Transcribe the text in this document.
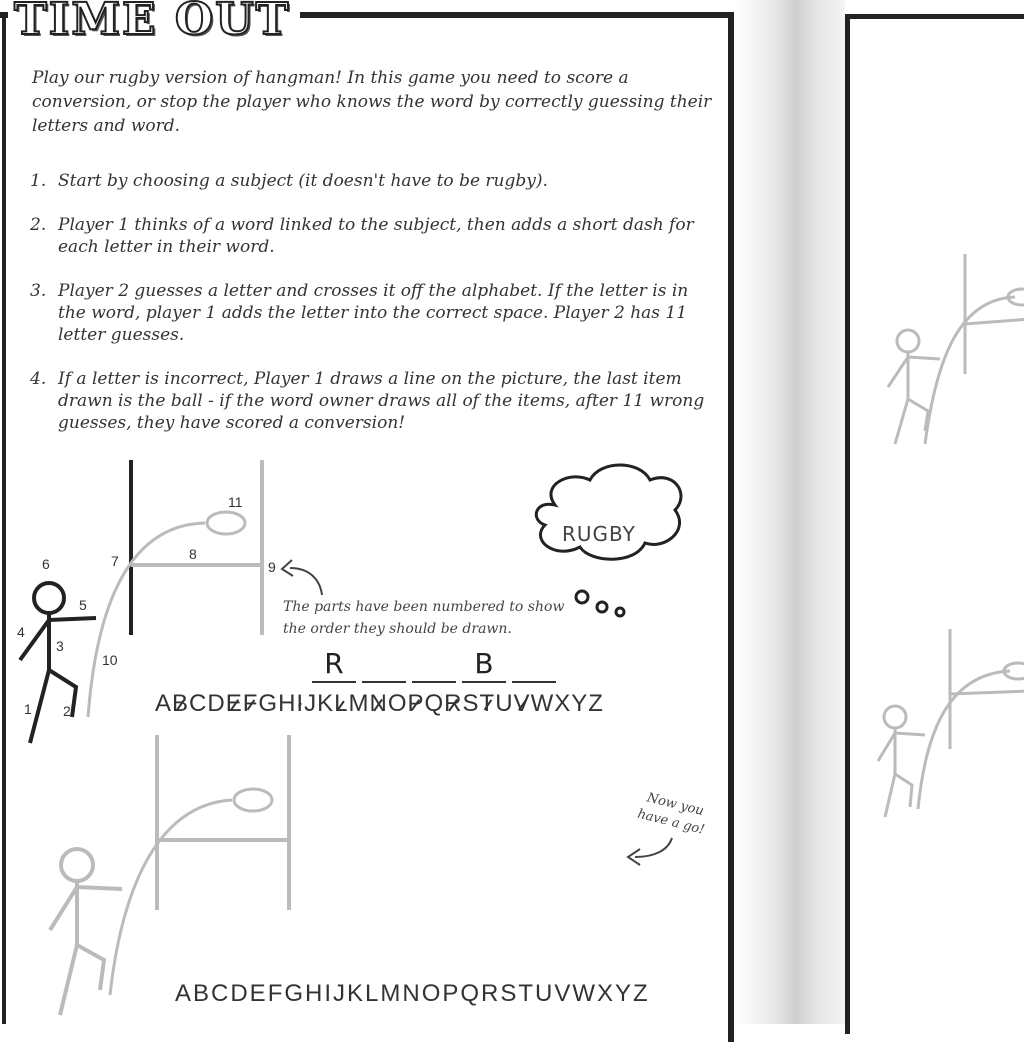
TIME OUT
Play our rugby version of hangman! In this game you need to score a conversion, or stop the player who knows the word by correctly guessing their letters and word.
1. Start by choosing a subject (it doesn't have to be rugby).
2. Player 1 thinks of a word linked to the subject, then adds a short dash for each letter in their word.
3. Player 2 guesses a letter and crosses it off the alphabet. If the letter is in the word, player 1 adds the letter into the correct space. Player 2 has 11 letter guesses.
4. If a letter is incorrect, Player 1 draws a line on the picture, the last item drawn is the ball - if the word owner draws all of the items, after 11 wrong guesses, they have scored a conversion!
1 2
3
4
5
6	7	8
9
10
11
RUGBY
The parts have been numbered to show the order they should be drawn.
R	B
ABCDEFGHIJKLMNOPQRSTUVWXYZ
Now you have a go!
ABCDEFGHIJKLMNOPQRSTUVWXYZ
